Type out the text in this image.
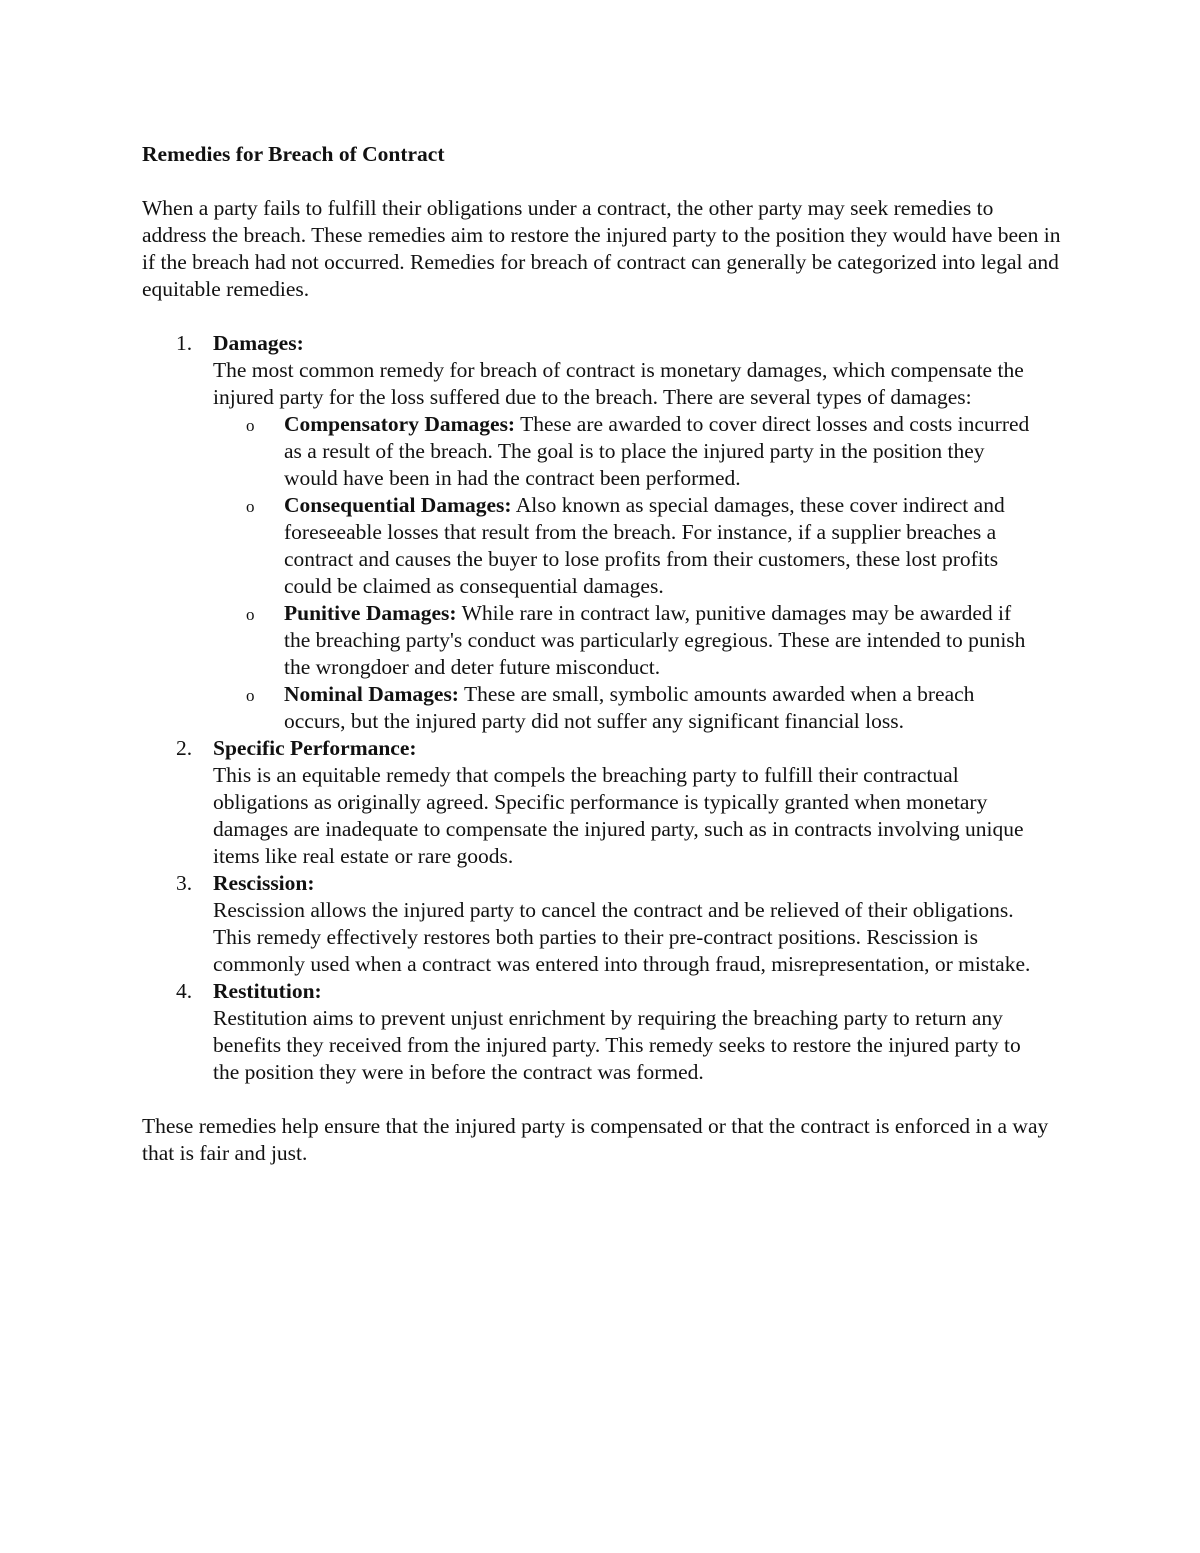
Remedies for Breach of Contract

When a party fails to fulfill their obligations under a contract, the other party may seek remedies to address the breach. These remedies aim to restore the injured party to the position they would have been in if the breach had not occurred. Remedies for breach of contract can generally be categorized into legal and equitable remedies.

1. Damages:
The most common remedy for breach of contract is monetary damages, which compensate the injured party for the loss suffered due to the breach. There are several types of damages:
o Compensatory Damages: These are awarded to cover direct losses and costs incurred as a result of the breach. The goal is to place the injured party in the position they would have been in had the contract been performed.
o Consequential Damages: Also known as special damages, these cover indirect and foreseeable losses that result from the breach. For instance, if a supplier breaches a contract and causes the buyer to lose profits from their customers, these lost profits could be claimed as consequential damages.
o Punitive Damages: While rare in contract law, punitive damages may be awarded if the breaching party's conduct was particularly egregious. These are intended to punish the wrongdoer and deter future misconduct.
o Nominal Damages: These are small, symbolic amounts awarded when a breach occurs, but the injured party did not suffer any significant financial loss.
2. Specific Performance:
This is an equitable remedy that compels the breaching party to fulfill their contractual obligations as originally agreed. Specific performance is typically granted when monetary damages are inadequate to compensate the injured party, such as in contracts involving unique items like real estate or rare goods.
3. Rescission:
Rescission allows the injured party to cancel the contract and be relieved of their obligations. This remedy effectively restores both parties to their pre-contract positions. Rescission is commonly used when a contract was entered into through fraud, misrepresentation, or mistake.
4. Restitution:
Restitution aims to prevent unjust enrichment by requiring the breaching party to return any benefits they received from the injured party. This remedy seeks to restore the injured party to the position they were in before the contract was formed.

These remedies help ensure that the injured party is compensated or that the contract is enforced in a way that is fair and just.
